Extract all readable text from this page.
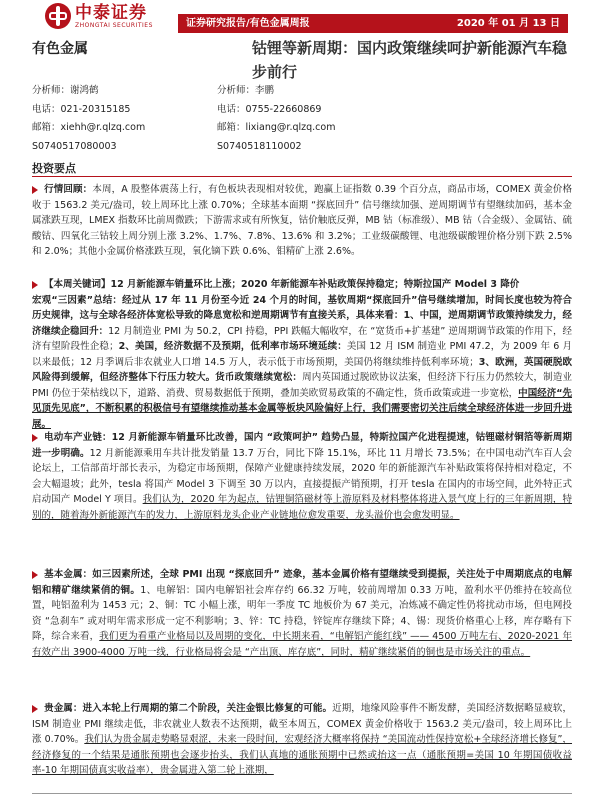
中泰证券
ZHONGTAI SECURITIES	证券研究报告/有色金属周报	2020 年 01 月 13 日
有色金属	钴锂等新周期：国内政策继续呵护新能源汽车稳步前行
分析师：谢鸿鹤
电话：021-20315185
邮箱：xiehh@r.qlzq.com
S0740517080003
分析师：李鹏
电话：0755-22660869
邮箱：lixiang@r.qlzq.com
S0740518110002
投资要点

行情回顾：本周，A 股整体震荡上行，有色板块表现相对较优，跑赢上证指数 0.39 个百分点，商品市场，COMEX 黄金价格收于 1563.2 美元/盎司，较上周环比上涨 0.70%；全球基本面期 “探底回升” 信号继续加强、逆周期调节有望继续加码，基本金属涨跌互现，LMEX 指数环比前周微跌；下游需求或有所恢复，钴价触底反弹，MB 钴（标准级）、MB 钴（合金级）、金属钴、硫酸钴、四氧化三钴较上周分别上涨 3.2%、1.7%、7.8%、13.6% 和 3.2%；工业级碳酸锂、电池级碳酸锂价格分别下跌 2.5%和 2.0%；其他小金属价格涨跌互现，氧化镝下跌 0.6%、钼精矿上涨 2.6%。

【本周关键词】12 月新能源车销量环比上涨；2020 年新能源车补贴政策保持稳定；特斯拉国产 Model 3 降价

宏观“三因素”总结：经过从 17 年 11 月份至今近 24 个月的时间，基钦周期“探底回升”信号继续增加，时间长度也较为符合历史规律，这与全球各经济体宽松导致的降息宽松和逆周期调节有直接关系，具体来看：1、中国，逆周期调节政策持续发力，经济继续企稳回升：12 月制造业 PMI 为 50.2，CPI 持稳，PPI 跌幅大幅收窄，在 “宽货币+扩基建” 逆周期调节政策的作用下，经济有望阶段性企稳；2、美国，经济数据不及预期，低利率市场环境延续：美国 12 月 ISM 制造业 PMI 47.2，为 2009 年 6 月以来最低；12 月季调后非农就业人口增 14.5 万人，表示低于市场预期，美国仍将继续维持低利率环境；3、欧洲，英国硬脱欧风险得到缓解，但经济整体下行压力较大。货币政策继续宽松：周内英国通过脱欧协议法案，但经济下行压力仍然较大，制造业 PMI 仍位于荣枯线以下，道路、消费、贸易数据低于预期，叠加美欧贸易政策的不确定性，货币政策或进一步宽松，中国经济“先见顶先见底”，不断积累的积极信号有望继续推动基本金属等板块风险偏好上行，我们需要密切关注后续全球经济体进一步回升进展。

电动车产业链：12 月新能源车销量环比改善，国内 “政策呵护” 趋势凸显，特斯拉国产化进程提速，钴锂磁材铜箔等新周期进一步明确。12 月新能源乘用车共计批发销量 13.7 万台，同比下降 15.1%，环比 11 月增长 73.5%；在中国电动汽车百人会论坛上，工信部苗圩部长表示，为稳定市场预期，保障产业健康持续发展，2020 年的新能源汽车补贴政策将保持相对稳定，不会大幅退坡；此外，tesla 将国产 Model 3 下调至 30 万以内，直接提振产销预期，打开 tesla 在国内的市场空间，此外特正式启动国产 Model Y 项目。我们认为，2020 年为起点，钴锂铜箔磁材等上游原料及材料整体将进入景气度上行的三年新周期，特别的，随着海外新能源汽车的发力，上游原料龙头企业产业链地位愈发重要，龙头溢价也会愈发明显。

基本金属：如三因素所述，全球 PMI 出现 “探底回升” 迹象，基本金属价格有望继续受到提振，关注处于中周期底点的电解铝和精矿继续紧俏的铜。1、电解铝：国内电解铝社会库存约 66.32 万吨，较前周增加 0.33 万吨，盈利水平仍维持在较高位置，吨铝盈利为 1453 元；2、铜：TC 小幅上涨，明年一季度 TC 地板价为 67 美元，冶炼减不确定性仍将扰动市场，但电网投资 “急刹车” 或对明年需求形成一定不利影响；3、锌：TC 持稳，锌锭库存继续下降；4、锡：现货价格重心上移，库存略有下降，综合来看，我们更为看重产业格局以及周期的变化，中长期来看，“电解铝产能红线” —— 4500 万吨左右、2020-2021 年有效产出 3900-4000 万吨一线，行业格局将会是 “产出顶、库存底”，同时，精矿继续紧俏的铜也是市场关注的重点。

贵金属：进入本轮上行周期的第二个阶段，关注金银比修复的可能。近期，地缘风险事件不断发酵，美国经济数据略显疲软，ISM 制造业 PMI 继续走低，非农就业人数表不达预期，截至本周五，COMEX 黄金价格收于 1563.2 美元/盎司，较上周环比上涨 0.70%。我们认为贵金属走势略显艰涩，未来一段时间，宏观经济大概率将保持 “美国流动性保持宽松+全球经济增长修复”，经济修复的一个结果是通胀预期也会逐步抬头，我们认真地的通胀预期中已然或抬这一点（通胀预期=美国 10 年期国债收益率-10 年期国债真实收益率），贵金属进入第二轮上涨期，
